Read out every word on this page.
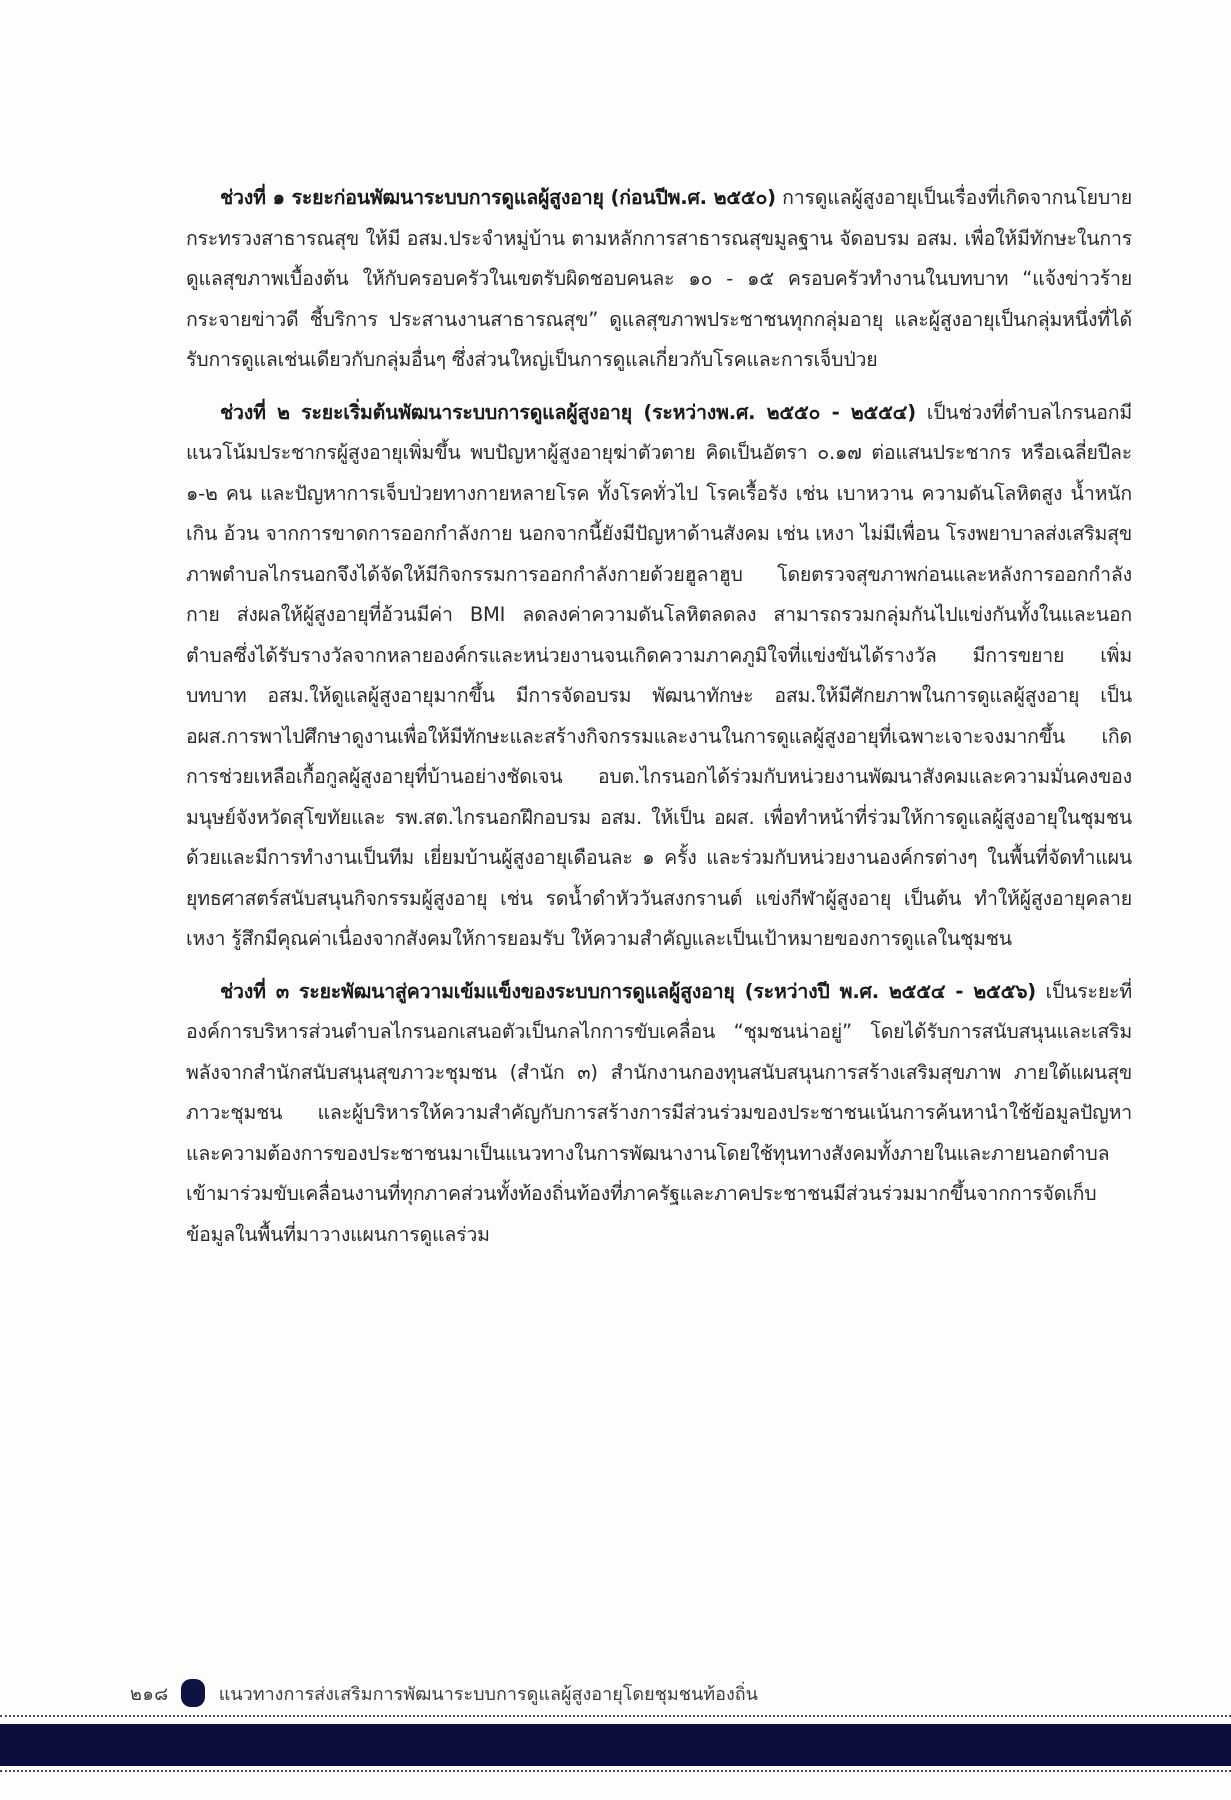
ช่วงที่ ๑ ระยะก่อนพัฒนาระบบการดูแลผู้สูงอายุ (ก่อนปีพ.ศ. ๒๕๕๐) การดูแลผู้สูงอายุเป็นเรื่องที่เกิดจากนโยบายกระทรวงสาธารณสุข ให้มี อสม.ประจำหมู่บ้าน ตามหลักการสาธารณสุขมูลฐาน จัดอบรม อสม. เพื่อให้มีทักษะในการดูแลสุขภาพเบื้องต้น ให้กับครอบครัวในเขตรับผิดชอบคนละ ๑๐ - ๑๕ ครอบครัวทำงานในบทบาท “แจ้งข่าวร้าย กระจายข่าวดี ชี้บริการ ประสานงานสาธารณสุข” ดูแลสุขภาพประชาชนทุกกลุ่มอายุ และผู้สูงอายุเป็นกลุ่มหนึ่งที่ได้รับการดูแลเช่นเดียวกับกลุ่มอื่นๆ ซึ่งส่วนใหญ่เป็นการดูแลเกี่ยวกับโรคและการเจ็บป่วย

ช่วงที่ ๒ ระยะเริ่มต้นพัฒนาระบบการดูแลผู้สูงอายุ (ระหว่างพ.ศ. ๒๕๕๐ - ๒๕๕๔) เป็นช่วงที่ตำบลไกรนอกมีแนวโน้มประชากรผู้สูงอายุเพิ่มขึ้น พบปัญหาผู้สูงอายุฆ่าตัวตาย คิดเป็นอัตรา ๐.๑๗ ต่อแสนประชากร หรือเฉลี่ยปีละ ๑-๒ คน และปัญหาการเจ็บป่วยทางกายหลายโรค ทั้งโรคทั่วไป โรคเรื้อรัง เช่น เบาหวาน ความดันโลหิตสูง น้ำหนักเกิน อ้วน จากการขาดการออกกำลังกาย นอกจากนี้ยังมีปัญหาด้านสังคม เช่น เหงา ไม่มีเพื่อน โรงพยาบาลส่งเสริมสุขภาพตำบลไกรนอกจึงได้จัดให้มีกิจกรรมการออกกำลังกายด้วยฮูลาฮูบ โดยตรวจสุขภาพก่อนและหลังการออกกำลังกาย ส่งผลให้ผู้สูงอายุที่อ้วนมีค่า BMI ลดลงค่าความดันโลหิตลดลง สามารถรวมกลุ่มกันไปแข่งกันทั้งในและนอกตำบลซึ่งได้รับรางวัลจากหลายองค์กรและหน่วยงานจนเกิดความภาคภูมิใจที่แข่งขันได้รางวัล มีการขยาย เพิ่มบทบาท อสม.ให้ดูแลผู้สูงอายุมากขึ้น มีการจัดอบรม พัฒนาทักษะ อสม.ให้มีศักยภาพในการดูแลผู้สูงอายุ เป็น อผส.การพาไปศึกษาดูงานเพื่อให้มีทักษะและสร้างกิจกรรมและงานในการดูแลผู้สูงอายุที่เฉพาะเจาะจงมากขึ้น เกิดการช่วยเหลือเกื้อกูลผู้สูงอายุที่บ้านอย่างชัดเจน อบต.ไกรนอกได้ร่วมกับหน่วยงานพัฒนาสังคมและความมั่นคงของมนุษย์จังหวัดสุโขทัยและ รพ.สต.ไกรนอกฝึกอบรม อสม. ให้เป็น อผส. เพื่อทำหน้าที่ร่วมให้การดูแลผู้สูงอายุในชุมชน ด้วยและมีการทำงานเป็นทีม เยี่ยมบ้านผู้สูงอายุเดือนละ ๑ ครั้ง และร่วมกับหน่วยงานองค์กรต่างๆ ในพื้นที่จัดทำแผนยุทธศาสตร์สนับสนุนกิจกรรมผู้สูงอายุ เช่น รดน้ำดำหัววันสงกรานต์ แข่งกีฬาผู้สูงอายุ เป็นต้น ทำให้ผู้สูงอายุคลายเหงา รู้สึกมีคุณค่าเนื่องจากสังคมให้การยอมรับ ให้ความสำคัญและเป็นเป้าหมายของการดูแลในชุมชน

ช่วงที่ ๓ ระยะพัฒนาสู่ความเข้มแข็งของระบบการดูแลผู้สูงอายุ (ระหว่างปี พ.ศ. ๒๕๕๔ - ๒๕๕๖) เป็นระยะที่องค์การบริหารส่วนตำบลไกรนอกเสนอตัวเป็นกลไกการขับเคลื่อน “ชุมชนน่าอยู่” โดยได้รับการสนับสนุนและเสริมพลังจากสำนักสนับสนุนสุขภาวะชุมชน (สำนัก ๓) สำนักงานกองทุนสนับสนุนการสร้างเสริมสุขภาพ ภายใต้แผนสุขภาวะชุมชน และผู้บริหารให้ความสำคัญกับการสร้างการมีส่วนร่วมของประชาชนเน้นการค้นหานำใช้ข้อมูลปัญหาและความต้องการของประชาชนมาเป็นแนวทางในการพัฒนางานโดยใช้ทุนทางสังคมทั้งภายในและภายนอกตำบลเข้ามาร่วมขับเคลื่อนงานที่ทุกภาคส่วนทั้งท้องถิ่นท้องที่ภาครัฐและภาคประชาชนมีส่วนร่วมมากขึ้นจากการจัดเก็บข้อมูลในพื้นที่มาวางแผนการดูแลร่วม

๒๑๘	แนวทางการส่งเสริมการพัฒนาระบบการดูแลผู้สูงอายุโดยชุมชนท้องถิ่น
